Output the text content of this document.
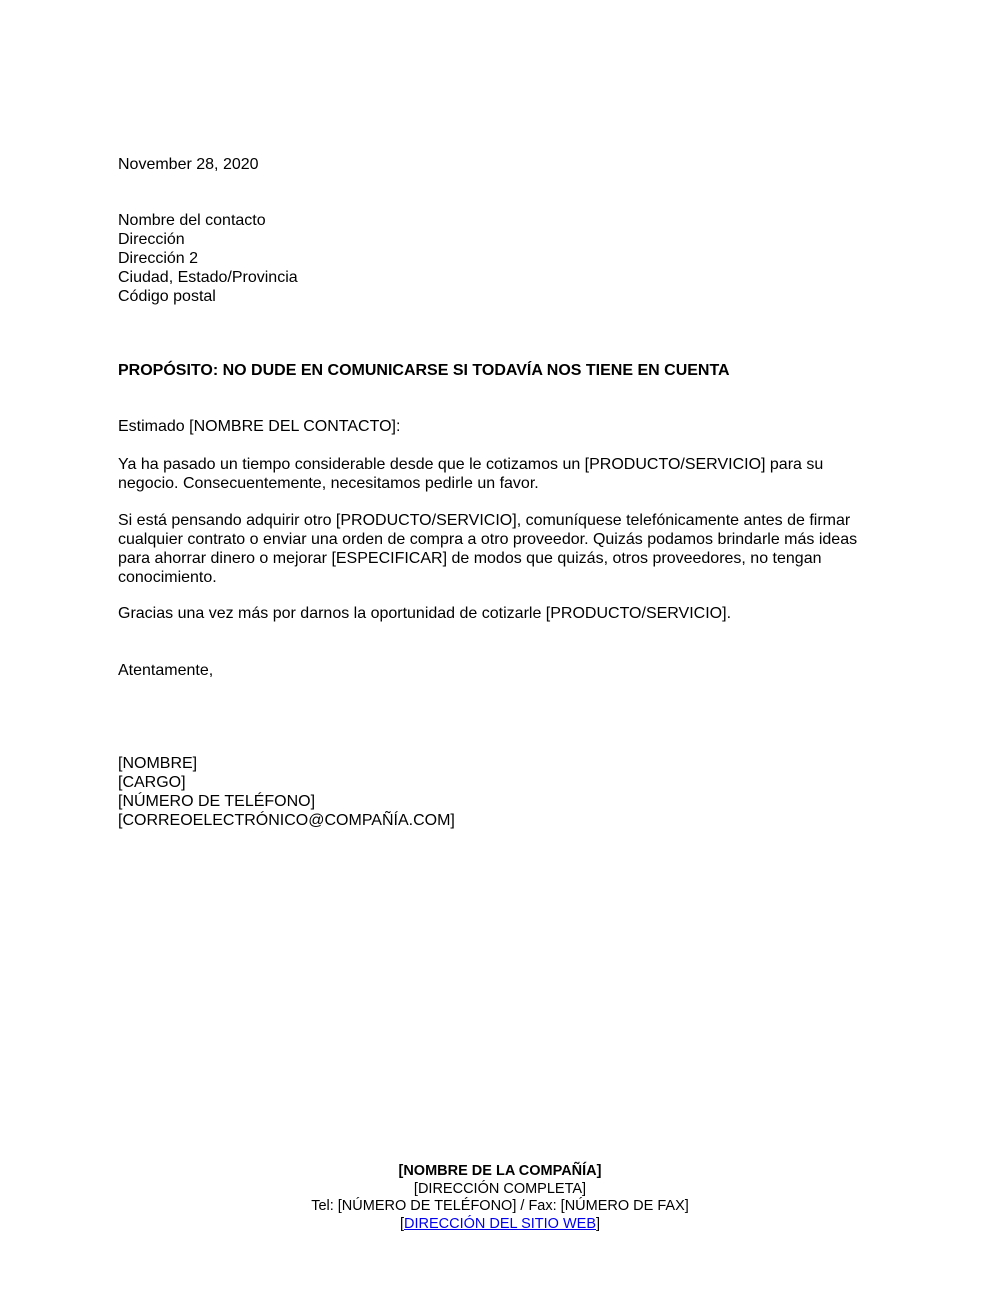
November 28, 2020
Nombre del contacto
Dirección
Dirección 2
Ciudad, Estado/Provincia
Código postal
PROPÓSITO: NO DUDE EN COMUNICARSE SI TODAVÍA NOS TIENE EN CUENTA
Estimado [NOMBRE DEL CONTACTO]:
Ya ha pasado un tiempo considerable desde que le cotizamos un [PRODUCTO/SERVICIO] para su
negocio. Consecuentemente, necesitamos pedirle un favor.
Si está pensando adquirir otro [PRODUCTO/SERVICIO], comuníquese telefónicamente antes de firmar
cualquier contrato o enviar una orden de compra a otro proveedor. Quizás podamos brindarle más ideas
para ahorrar dinero o mejorar [ESPECIFICAR] de modos que quizás, otros proveedores, no tengan
conocimiento.
Gracias una vez más por darnos la oportunidad de cotizarle [PRODUCTO/SERVICIO].
Atentamente,
[NOMBRE]
[CARGO]
[NÚMERO DE TELÉFONO]
[CORREOELECTRÓNICO@COMPAÑÍA.COM]
[NOMBRE DE LA COMPAÑÍA]
[DIRECCIÓN COMPLETA]
Tel: [NÚMERO DE TELÉFONO] / Fax: [NÚMERO DE FAX]
[DIRECCIÓN DEL SITIO WEB]
